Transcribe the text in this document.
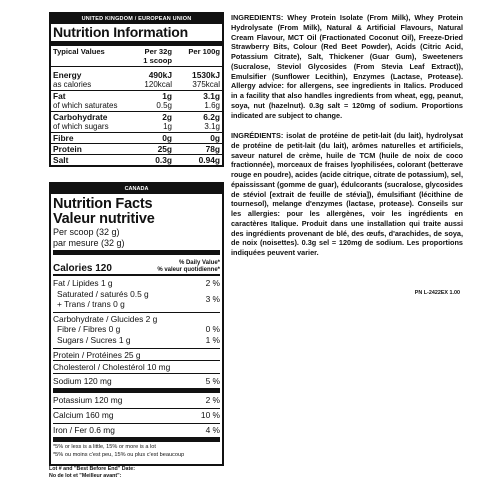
UNITED KINGDOM / EUROPEAN UNION
Nutrition Information
Typical Values	Per 32g
1 scoop
Per 100g
Energy	490kJ	1530kJ
as calories	120kcal	375kcal
Fat	1g	3.1g
of which saturates	0.5g	1.6g
Carbohydrate	2g	6.2g
of which sugars	1g	3.1g
Fibre	0g	0g
Protein	25g	78g
Salt	0.3g	0.94g
CANADA
Nutrition Facts
Valeur nutritive
Per scoop (32 g)
par mesure (32 g)
Calories 120	% Daily Value*
% valeur quotidienne*
Fat / Lipides 1 g	2 %
Saturated / saturés 0.5 g	3 %
+ Trans / trans 0 g
Carbohydrate / Glucides 2 g
Fibre / Fibres 0 g	0 %
Sugars / Sucres 1 g	1 %
Protein / Protéines 25 g
Cholesterol / Cholestérol 10 mg
Sodium 120 mg	5 %
Potassium 120 mg	2 %
Calcium 160 mg	10 %
Iron / Fer 0.6 mg	4 %
*5% or less is a little, 15% or more is a lot
*5% ou moins c'est peu, 15% ou plus c'est beaucoup
Lot # and "Best Before End" Date:
No de lot et "Meilleur avant":
INGREDIENTS: Whey Protein Isolate (From Milk), Whey Protein Hydrolysate (From Milk), Natural & Artificial Flavours, Natural Cream Flavour, MCT Oil (Fractionated Coconut Oil), Freeze-Dried Strawberry Bits, Colour (Red Beet Powder), Acids (Citric Acid, Potassium Citrate), Salt, Thickener (Guar Gum), Sweeteners (Sucralose, Steviol Glycosides (From Stevia Leaf Extract)), Emulsifier (Sunflower Lecithin), Enzymes (Lactase, Protease). Allergy advice: for allergens, see ingredients in Italics. Produced in a facility that also handles ingredients from wheat, egg, peanut, soya, nut (hazelnut). 0.3g salt = 120mg of sodium. Proportions indicated are subject to change.
INGRÉDIENTS: isolat de protéine de petit-lait (du lait), hydrolysat de protéine de petit-lait (du lait), arômes naturelles et artificiels, saveur naturel de crème, huile de TCM (huile de noix de coco fractionnée), morceaux de fraises lyophilisées, colorant (betterave rouge en poudre), acides (acide citrique, citrate de potassium), sel, épaississant (gomme de guar), édulcorants (sucralose, glycosides de stéviol [extrait de feuille de stévia]), émulsifiant (lécithine de tournesol), melange d'enzymes (lactase, protease). Conseils sur les allergies: pour les allergènes, voir les ingrédients en caractères Italique. Produit dans une installation qui traite aussi des ingrédients provenant de blé, des œufs, d'arachides, de soya, de noix (noisettes). 0.3g sel = 120mg de sodium. Les proportions indiquées peuvent varier.
PN L-2422EX 1.00
